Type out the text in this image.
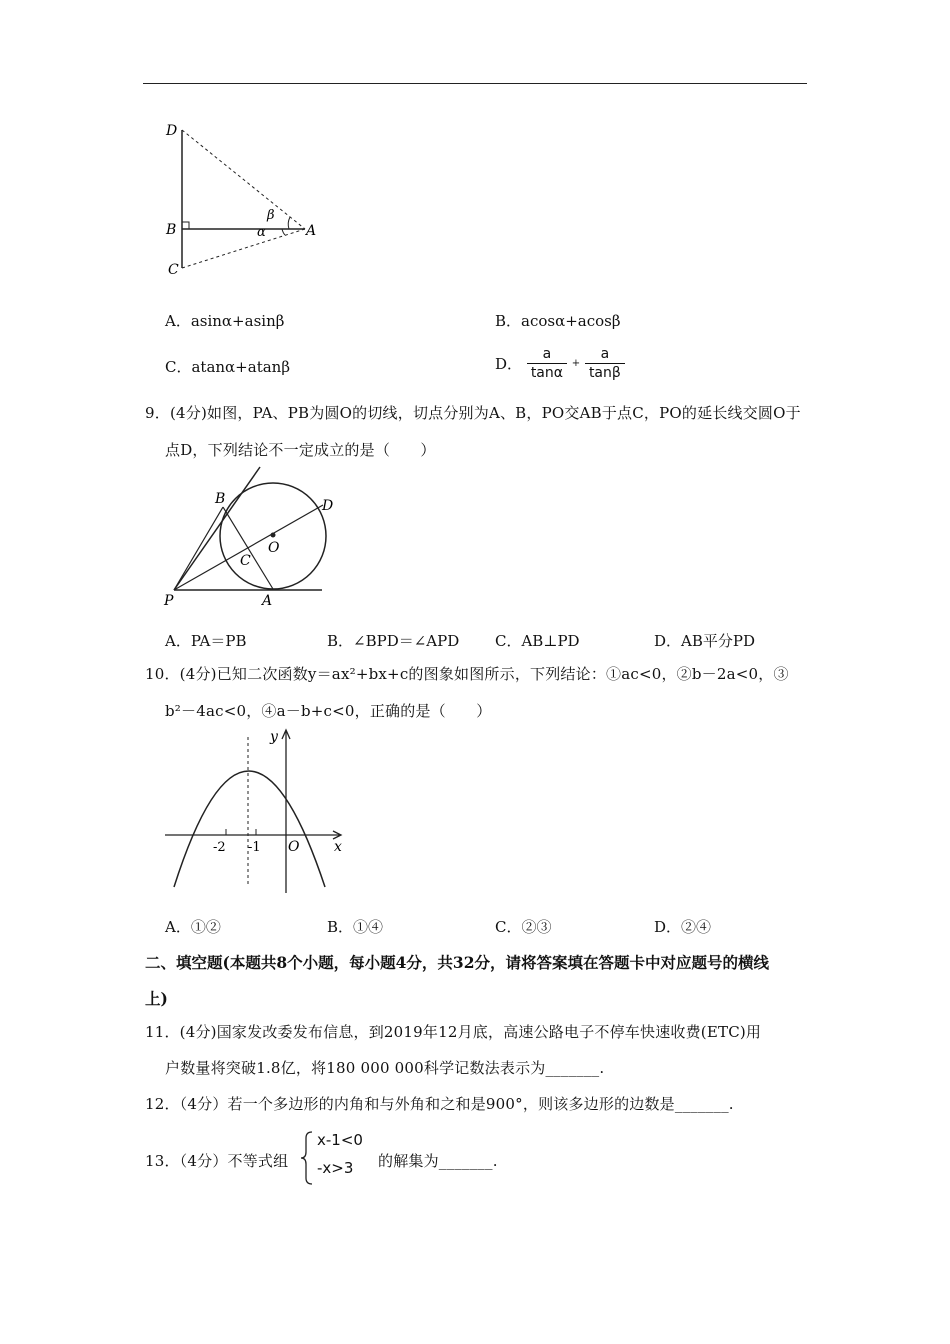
D
B
C
A
β
α
A．asinα+asinβ	B．acosα+acosβ
C．atanα+atanβ	D． $\frac{a}{\tan\alpha} + \frac{a}{\tan\beta}$
9．(4分)如图，PA、PB为圆O的切线，切点分别为A、B，PO交AB于点C，PO的延长线交圆O于
点D，下列结论不一定成立的是（　　）
B	D
O
C
P	A
A．PA＝PB	B．∠BPD＝∠APD C．AB⊥PD	D．AB平分PD
10．(4分)已知二次函数y＝ax²+bx+c的图象如图所示，下列结论：①ac<0，②b－2a<0，③
b²－4ac<0，④a－b+c<0，正确的是（　　）
y
x
O
-2 -1
A．①②	B．①④	C．②③	D．②④
二、填空题(本题共8个小题，每小题4分，共32分，请将答案填在答题卡中对应题号的横线
上)
11．(4分)国家发改委发布信息，到2019年12月底，高速公路电子不停车快速收费(ETC)用
户数量将突破1.8亿，将180 000 000科学记数法表示为_______.
12．（4分）若一个多边形的内角和与外角和之和是900°，则该多边形的边数是_______.
13．（4分）不等式组
x-1<0
-x>3 的解集为_______.
